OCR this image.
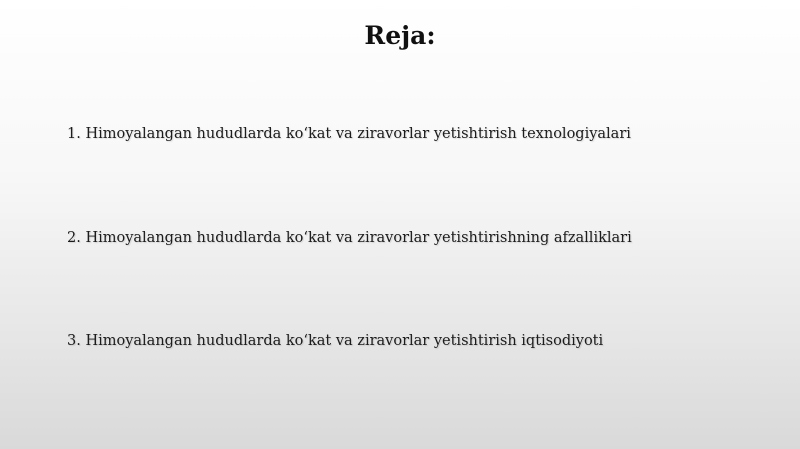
Reja:
1. Himoyalangan hududlarda ko‘kat va ziravorlar yetishtirish texnologiyalari
2. Himoyalangan hududlarda ko‘kat va ziravorlar yetishtirishning afzalliklari
3. Himoyalangan hududlarda ko‘kat va ziravorlar yetishtirish iqtisodiyoti
